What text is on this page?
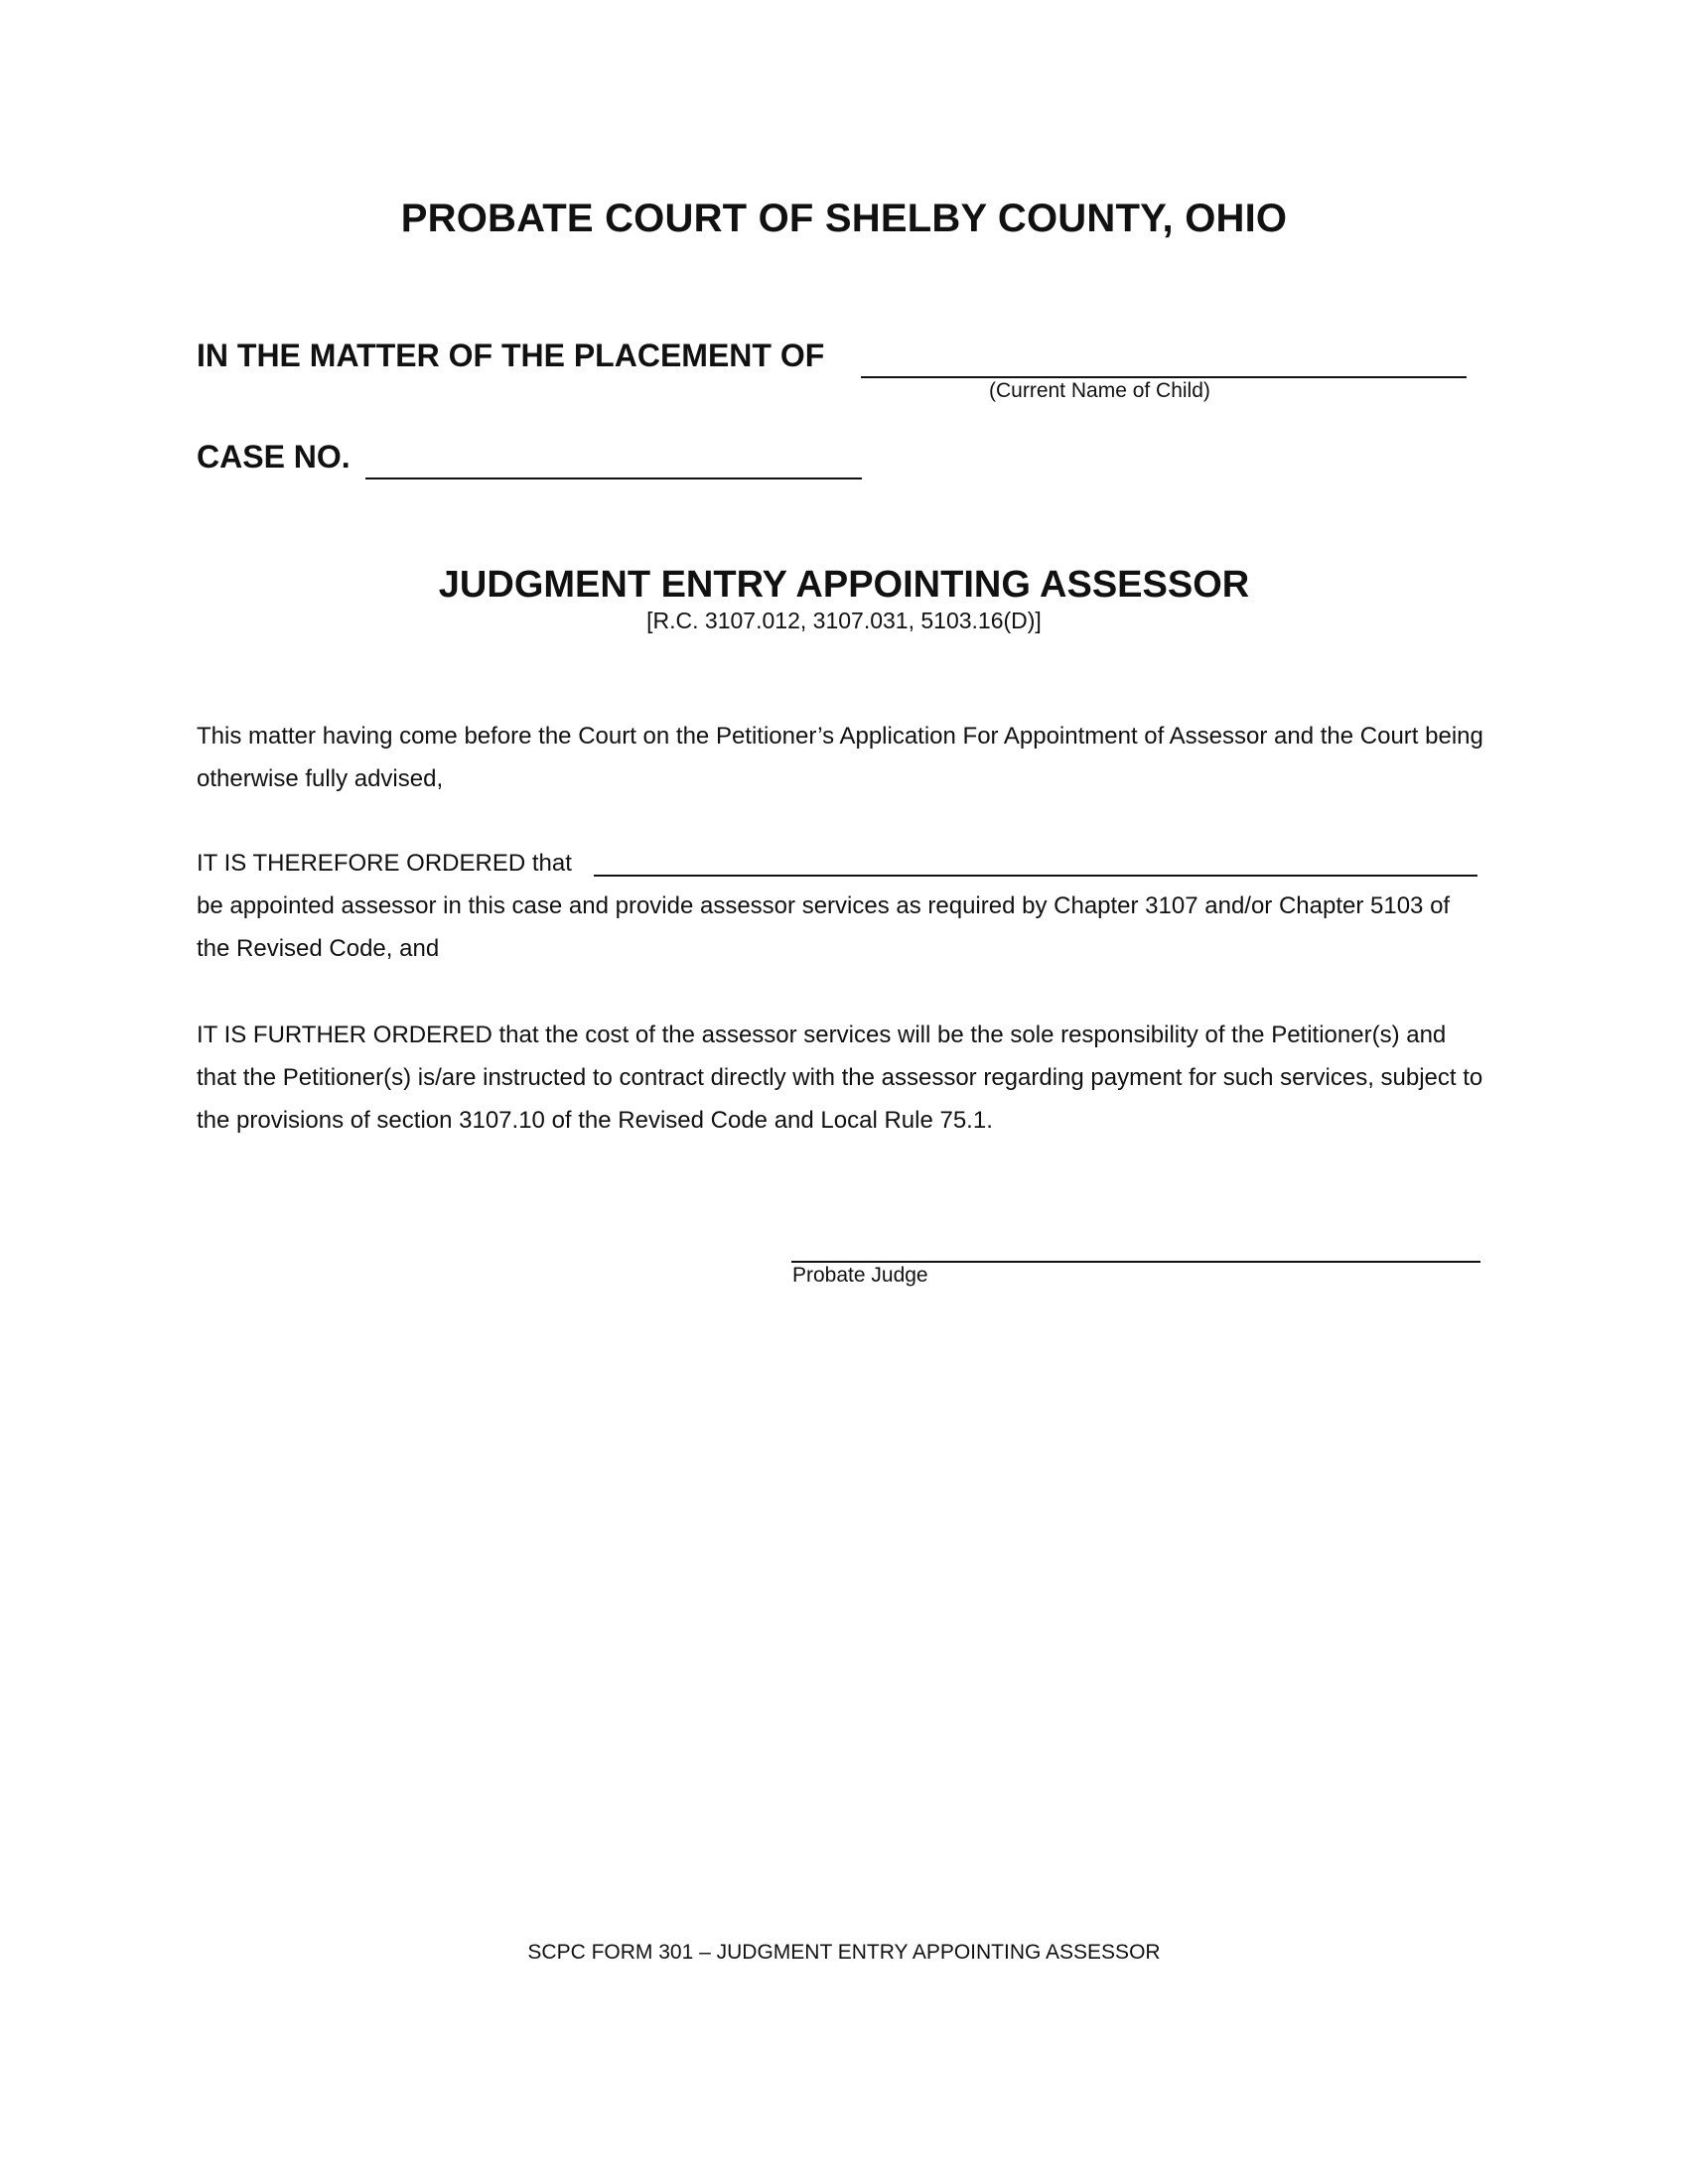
PROBATE COURT OF SHELBY COUNTY, OHIO
IN THE MATTER OF THE PLACEMENT OF
(Current Name of Child)
CASE NO.
JUDGMENT ENTRY APPOINTING ASSESSOR
[R.C. 3107.012, 3107.031, 5103.16(D)]
This matter having come before the Court on the Petitioner’s Application For Appointment of Assessor and the Court being otherwise fully advised,
IT IS THEREFORE ORDERED that
be appointed assessor in this case and provide assessor services as required by Chapter 3107 and/or Chapter 5103 of the Revised Code, and
IT IS FURTHER ORDERED that the cost of the assessor services will be the sole responsibility of the Petitioner(s) and that the Petitioner(s) is/are instructed to contract directly with the assessor regarding payment for such services, subject to the provisions of section 3107.10 of the Revised Code and Local Rule 75.1.
Probate Judge
SCPC FORM 301 – JUDGMENT ENTRY APPOINTING ASSESSOR
